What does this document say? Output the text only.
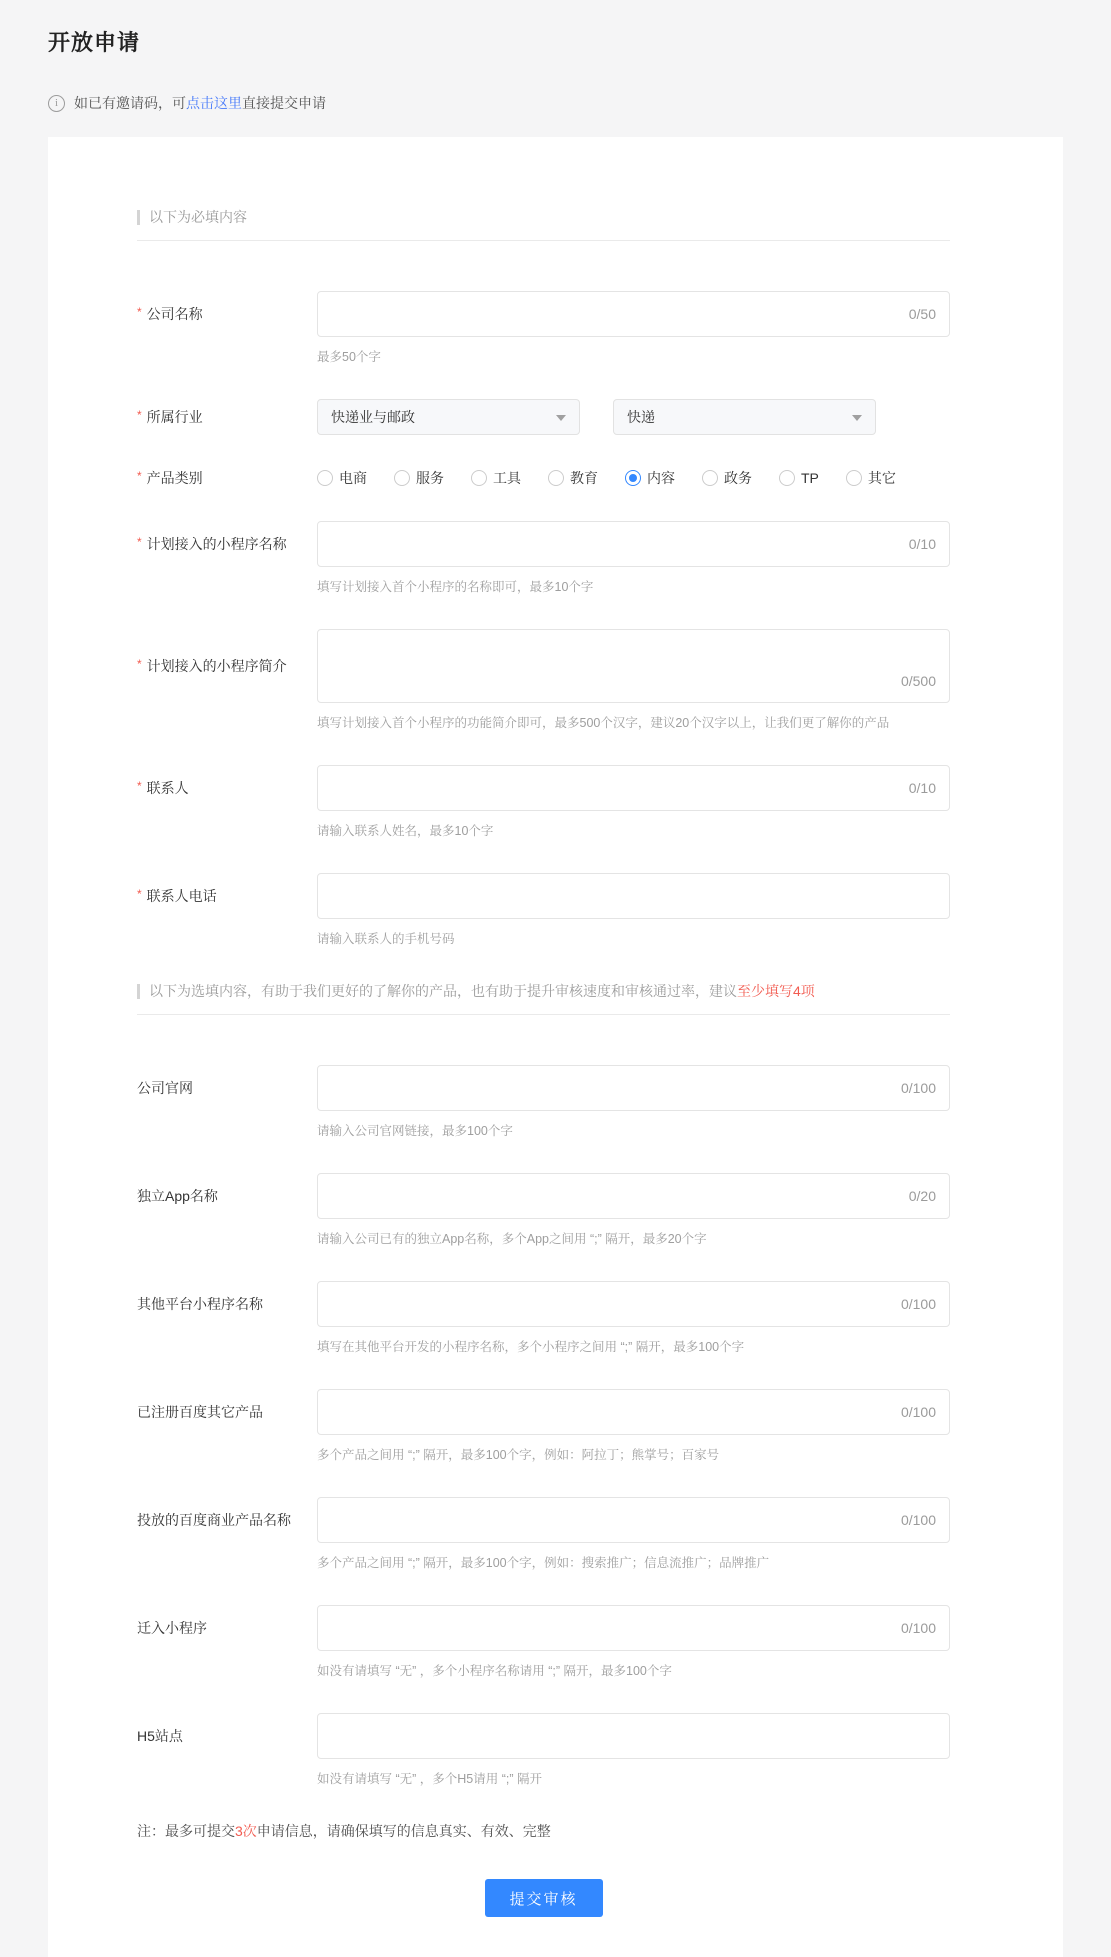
开放申请
i	如已有邀请码，可 点击这里 直接提交申请
以下为必填内容
* 公司名称	0/50
最多50个字
* 所属行业	快递业与邮政	快递
* 产品类别	电商	服务	工具	教育	内容	政务	TP	其它
* 计划接入的小程序名称	0/10
填写计划接入首个小程序的名称即可，最多10个字
* 计划接入的小程序简介
0/500
填写计划接入首个小程序的功能简介即可，最多500个汉字，建议20个汉字以上，让我们更了解你的产品
* 联系人	0/10
请输入联系人姓名，最多10个字
* 联系人电话
请输入联系人的手机号码
以下为选填内容，有助于我们更好的了解你的产品，也有助于提升审核速度和审核通过率，建议至少填写4项
公司官网	0/100
请输入公司官网链接，最多100个字
独立App名称	0/20
请输入公司已有的独立App名称，多个App之间用 “;” 隔开，最多20个字
其他平台小程序名称	0/100
填写在其他平台开发的小程序名称，多个小程序之间用 “;” 隔开，最多100个字
已注册百度其它产品	0/100
多个产品之间用 “;” 隔开，最多100个字，例如：阿拉丁；熊掌号；百家号
投放的百度商业产品名称	0/100
多个产品之间用 “;” 隔开，最多100个字，例如：搜索推广；信息流推广；品牌推广
迁入小程序	0/100
如没有请填写 “无” ，多个小程序名称请用 “;” 隔开，最多100个字
H5站点
如没有请填写 “无” ，多个H5请用 “;” 隔开
注：最多可提交3次申请信息，请确保填写的信息真实、有效、完整
提交审核
